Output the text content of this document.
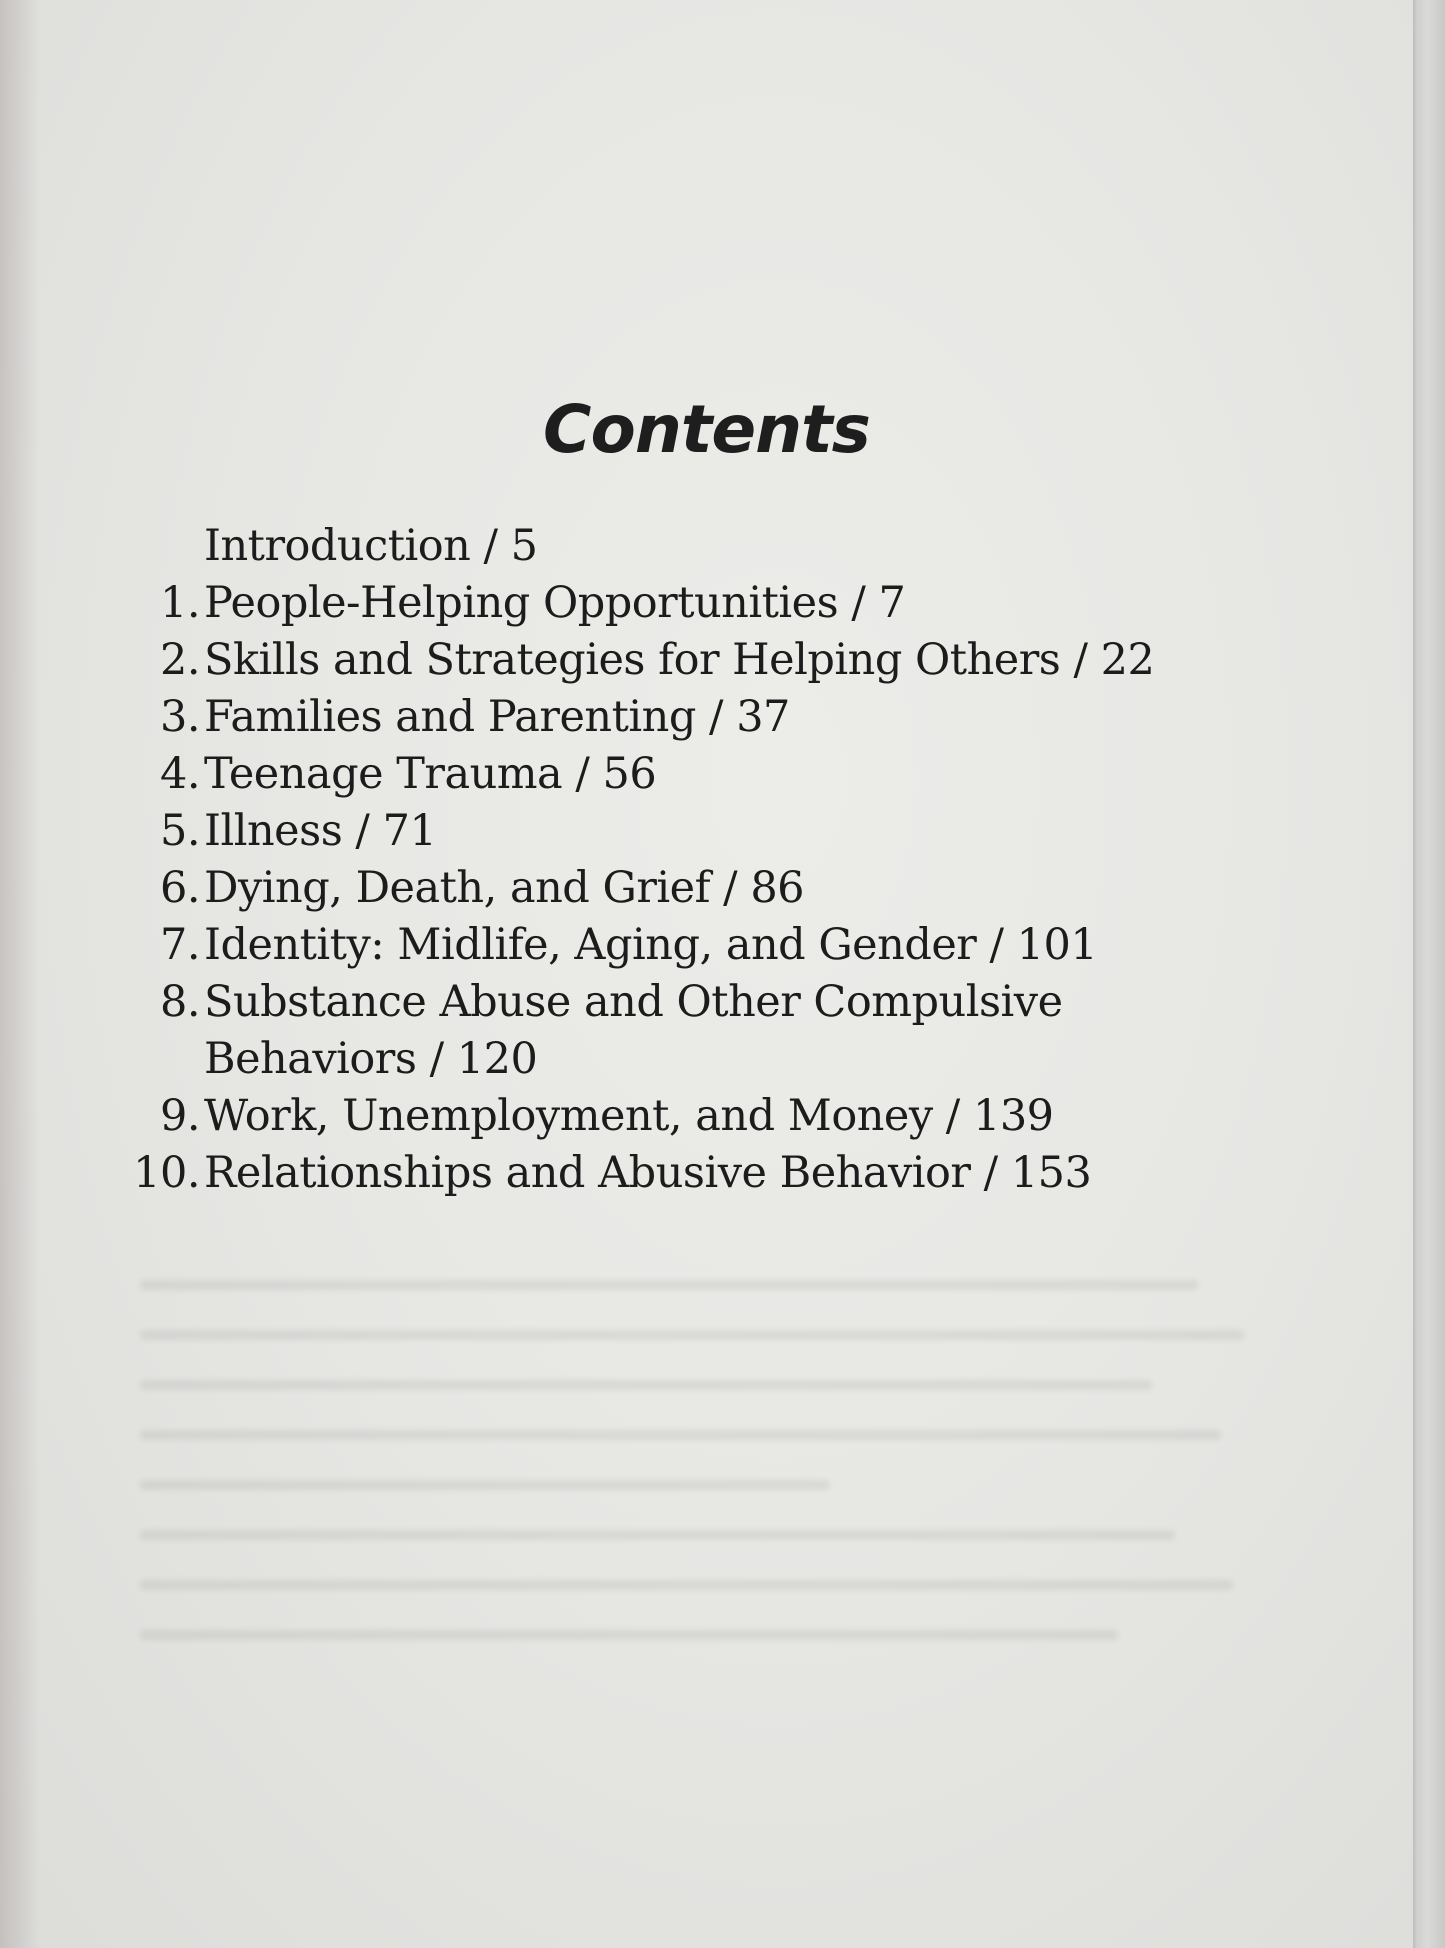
Contents
Introduction / 5
1. People-Helping Opportunities / 7
2. Skills and Strategies for Helping Others / 22
3. Families and Parenting / 37
4. Teenage Trauma / 56
5. Illness / 71
6. Dying, Death, and Grief / 86
7. Identity: Midlife, Aging, and Gender / 101
8. Substance Abuse and Other Compulsive
Behaviors / 120
9. Work, Unemployment, and Money / 139
10. Relationships and Abusive Behavior / 153
